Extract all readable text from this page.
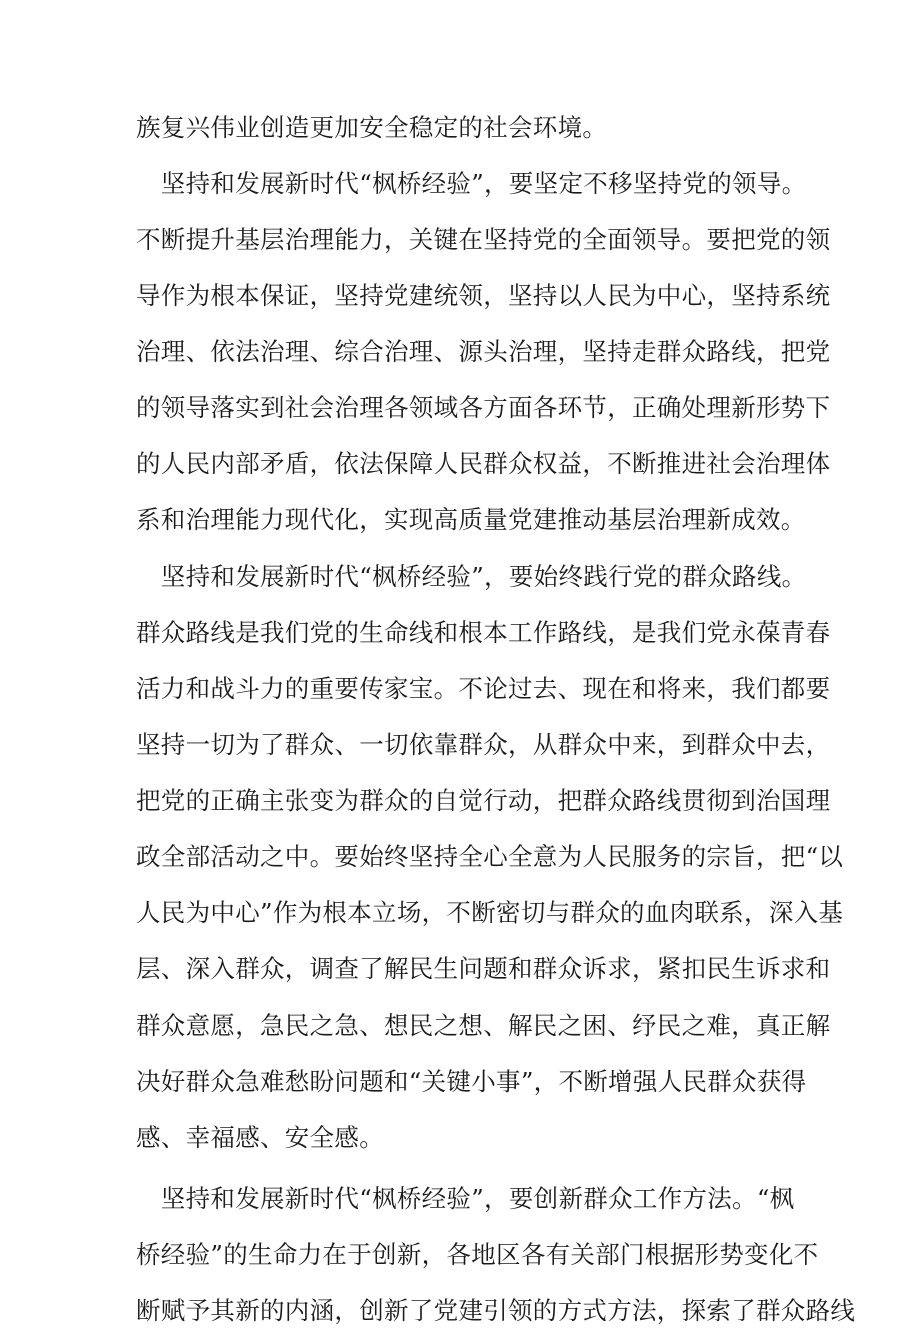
族复兴伟业创造更加安全稳定的社会环境。
　坚持和发展新时代“枫桥经验”，要坚定不移坚持党的领导。
不断提升基层治理能力，关键在坚持党的全面领导。要把党的领
导作为根本保证，坚持党建统领，坚持以人民为中心，坚持系统
治理、依法治理、综合治理、源头治理，坚持走群众路线，把党
的领导落实到社会治理各领域各方面各环节，正确处理新形势下
的人民内部矛盾，依法保障人民群众权益，不断推进社会治理体
系和治理能力现代化，实现高质量党建推动基层治理新成效。
　坚持和发展新时代“枫桥经验”，要始终践行党的群众路线。
群众路线是我们党的生命线和根本工作路线，是我们党永葆青春
活力和战斗力的重要传家宝。不论过去、现在和将来，我们都要
坚持一切为了群众、一切依靠群众，从群众中来，到群众中去，
把党的正确主张变为群众的自觉行动，把群众路线贯彻到治国理
政全部活动之中。要始终坚持全心全意为人民服务的宗旨，把“以
人民为中心”作为根本立场，不断密切与群众的血肉联系，深入基
层、深入群众，调查了解民生问题和群众诉求，紧扣民生诉求和
群众意愿，急民之急、想民之想、解民之困、纾民之难，真正解
决好群众急难愁盼问题和“关键小事”，不断增强人民群众获得
感、幸福感、安全感。
　坚持和发展新时代“枫桥经验”，要创新群众工作方法。“枫
桥经验”的生命力在于创新，各地区各有关部门根据形势变化不
断赋予其新的内涵，创新了党建引领的方式方法，探索了群众路线
